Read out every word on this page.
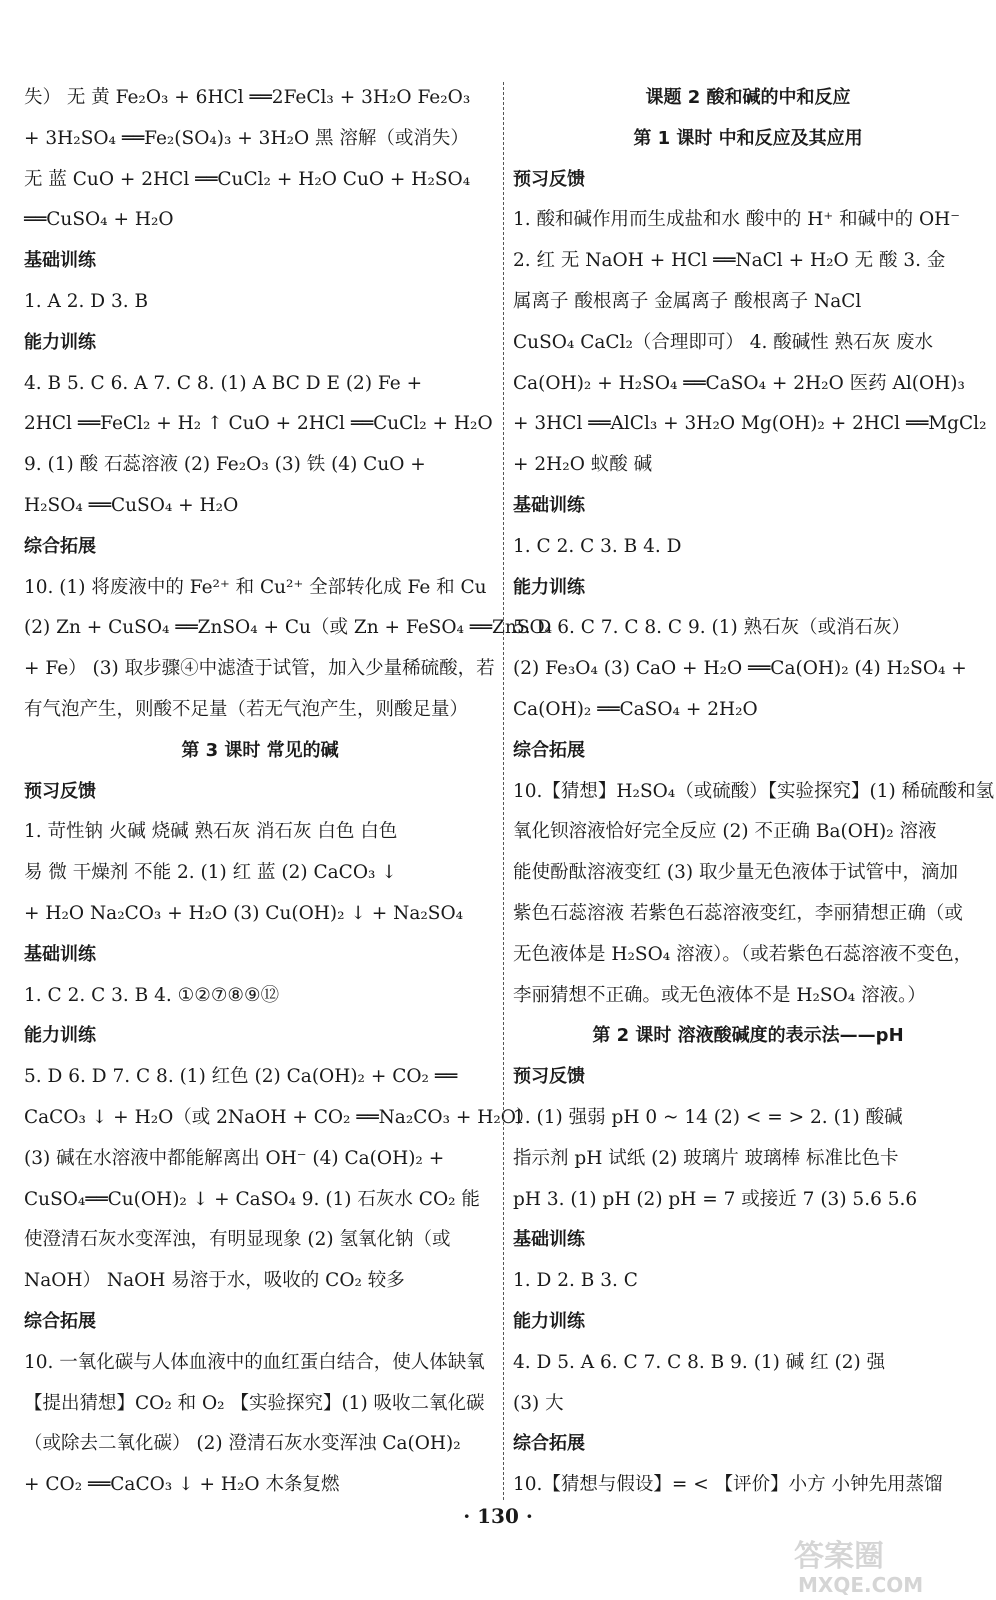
失） 无 黄 Fe₂O₃ + 6HCl ══2FeCl₃ + 3H₂O Fe₂O₃
+ 3H₂SO₄ ══Fe₂(SO₄)₃ + 3H₂O 黑 溶解（或消失）
无 蓝 CuO + 2HCl ══CuCl₂ + H₂O CuO + H₂SO₄
══CuSO₄ + H₂O
基础训练
1. A 2. D 3. B
能力训练
4. B 5. C 6. A 7. C 8. (1) A BC D E (2) Fe +
2HCl ══FeCl₂ + H₂ ↑ CuO + 2HCl ══CuCl₂ + H₂O
9. (1) 酸 石蕊溶液 (2) Fe₂O₃ (3) 铁 (4) CuO +
H₂SO₄ ══CuSO₄ + H₂O
综合拓展
10. (1) 将废液中的 Fe²⁺ 和 Cu²⁺ 全部转化成 Fe 和 Cu
(2) Zn + CuSO₄ ══ZnSO₄ + Cu（或 Zn + FeSO₄ ══ZnSO₄
+ Fe） (3) 取步骤④中滤渣于试管，加入少量稀硫酸，若
有气泡产生，则酸不足量（若无气泡产生，则酸足量）
第 3 课时 常见的碱
预习反馈
1. 苛性钠 火碱 烧碱 熟石灰 消石灰 白色 白色
易 微 干燥剂 不能 2. (1) 红 蓝 (2) CaCO₃ ↓
+ H₂O Na₂CO₃ + H₂O (3) Cu(OH)₂ ↓ + Na₂SO₄
基础训练
1. C 2. C 3. B 4. ①②⑦⑧⑨⑫
能力训练
5. D 6. D 7. C 8. (1) 红色 (2) Ca(OH)₂ + CO₂ ══
CaCO₃ ↓ + H₂O（或 2NaOH + CO₂ ══Na₂CO₃ + H₂O）
(3) 碱在水溶液中都能解离出 OH⁻ (4) Ca(OH)₂ +
CuSO₄══Cu(OH)₂ ↓ + CaSO₄ 9. (1) 石灰水 CO₂ 能
使澄清石灰水变浑浊，有明显现象 (2) 氢氧化钠（或
NaOH） NaOH 易溶于水，吸收的 CO₂ 较多
综合拓展
10. 一氧化碳与人体血液中的血红蛋白结合，使人体缺氧
【提出猜想】CO₂ 和 O₂ 【实验探究】(1) 吸收二氧化碳
（或除去二氧化碳） (2) 澄清石灰水变浑浊 Ca(OH)₂
+ CO₂ ══CaCO₃ ↓ + H₂O 木条复燃
课题 2 酸和碱的中和反应
第 1 课时 中和反应及其应用
预习反馈
1. 酸和碱作用而生成盐和水 酸中的 H⁺ 和碱中的 OH⁻
2. 红 无 NaOH + HCl ══NaCl + H₂O 无 酸 3. 金
属离子 酸根离子 金属离子 酸根离子 NaCl
CuSO₄ CaCl₂（合理即可） 4. 酸碱性 熟石灰 废水
Ca(OH)₂ + H₂SO₄ ══CaSO₄ + 2H₂O 医药 Al(OH)₃
+ 3HCl ══AlCl₃ + 3H₂O Mg(OH)₂ + 2HCl ══MgCl₂
+ 2H₂O 蚁酸 碱
基础训练
1. C 2. C 3. B 4. D
能力训练
5. D 6. C 7. C 8. C 9. (1) 熟石灰（或消石灰）
(2) Fe₃O₄ (3) CaO + H₂O ══Ca(OH)₂ (4) H₂SO₄ +
Ca(OH)₂ ══CaSO₄ + 2H₂O
综合拓展
10.【猜想】H₂SO₄（或硫酸）【实验探究】(1) 稀硫酸和氢
氧化钡溶液恰好完全反应 (2) 不正确 Ba(OH)₂ 溶液
能使酚酞溶液变红 (3) 取少量无色液体于试管中，滴加
紫色石蕊溶液 若紫色石蕊溶液变红，李丽猜想正确（或
无色液体是 H₂SO₄ 溶液）。（或若紫色石蕊溶液不变色，
李丽猜想不正确。或无色液体不是 H₂SO₄ 溶液。）
第 2 课时 溶液酸碱度的表示法——pH
预习反馈
1. (1) 强弱 pH 0 ~ 14 (2) < = > 2. (1) 酸碱
指示剂 pH 试纸 (2) 玻璃片 玻璃棒 标准比色卡
pH 3. (1) pH (2) pH = 7 或接近 7 (3) 5.6 5.6
基础训练
1. D 2. B 3. C
能力训练
4. D 5. A 6. C 7. C 8. B 9. (1) 碱 红 (2) 强
(3) 大
综合拓展
10.【猜想与假设】= < 【评价】小方 小钟先用蒸馏
· 130 ·
答案圈
MXQE.COM
